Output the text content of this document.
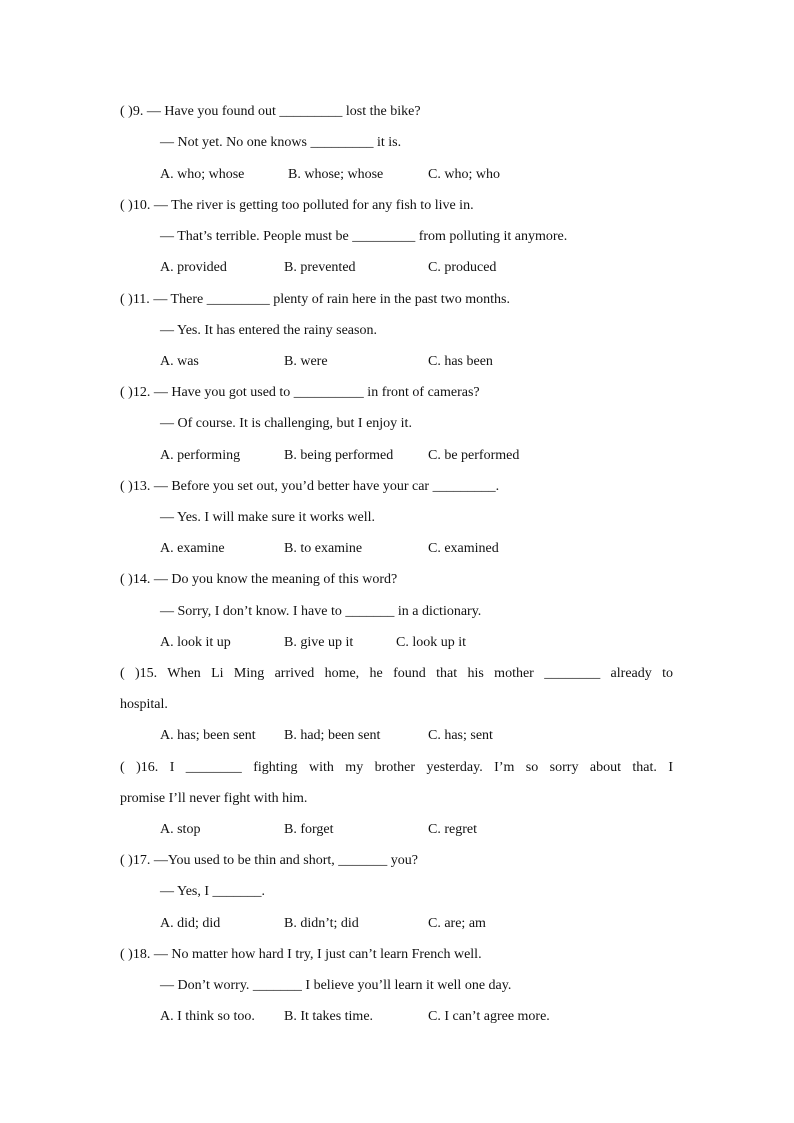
( )9. — Have you found out _________ lost the bike?
— Not yet. No one knows _________ it is.
A. who; whose	B. whose; whose	C. who; who
( )10. — The river is getting too polluted for any fish to live in.
— That’s terrible. People must be _________ from polluting it anymore.
A. provided	B. prevented	C. produced
( )11. — There _________ plenty of rain here in the past two months.
— Yes. It has entered the rainy season.
A. was	B. were	C. has been
( )12. — Have you got used to __________ in front of cameras?
— Of course. It is challenging, but I enjoy it.
A. performing	B. being performed C. be performed
( )13. — Before you set out, you’d better have your car _________.
— Yes. I will make sure it works well.
A. examine	B. to examine	C. examined
( )14. — Do you know the meaning of this word?
— Sorry, I don’t know. I have to _______ in a dictionary.
A. look it up	B. give up it	C. look up it
( )15. When Li Ming arrived home, he found that his mother ________ already to
hospital.
A. has; been sent B. had; been sent	C. has; sent
( )16. I ________ fighting with my brother yesterday. I’m so sorry about that. I
promise I’ll never fight with him.
A. stop	B. forget	C. regret
( )17. —You used to be thin and short, _______ you?
— Yes, I _______.
A. did; did	B. didn’t; did	C. are; am
( )18. — No matter how hard I try, I just can’t learn French well.
— Don’t worry. _______ I believe you’ll learn it well one day.
A. I think so too. B. It takes time.	C. I can’t agree more.
